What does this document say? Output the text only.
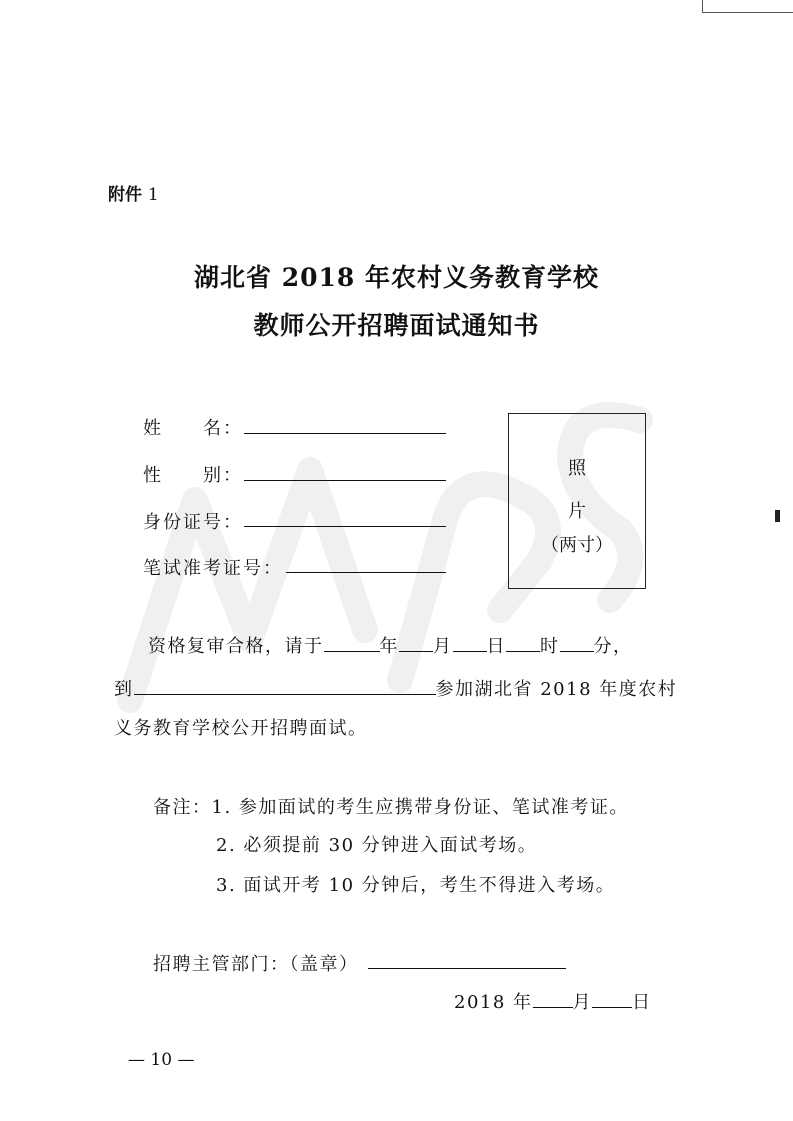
附件 1
湖北省 2018 年农村义务教育学校
教师公开招聘面试通知书
姓　　名：
性　　别：
身份证号：
笔试准考证号：
照
片
（两寸）
资格复审合格，请于	年 月 日 时 分，
到	参加湖北省 2018 年度农村
义务教育学校公开招聘面试。
备注：1. 参加面试的考生应携带身份证、笔试准考证。
2. 必须提前 30 分钟进入面试考场。
3. 面试开考 10 分钟后，考生不得进入考场。
招聘主管部门：（盖章）
2018 年 月 日
— 10 —
